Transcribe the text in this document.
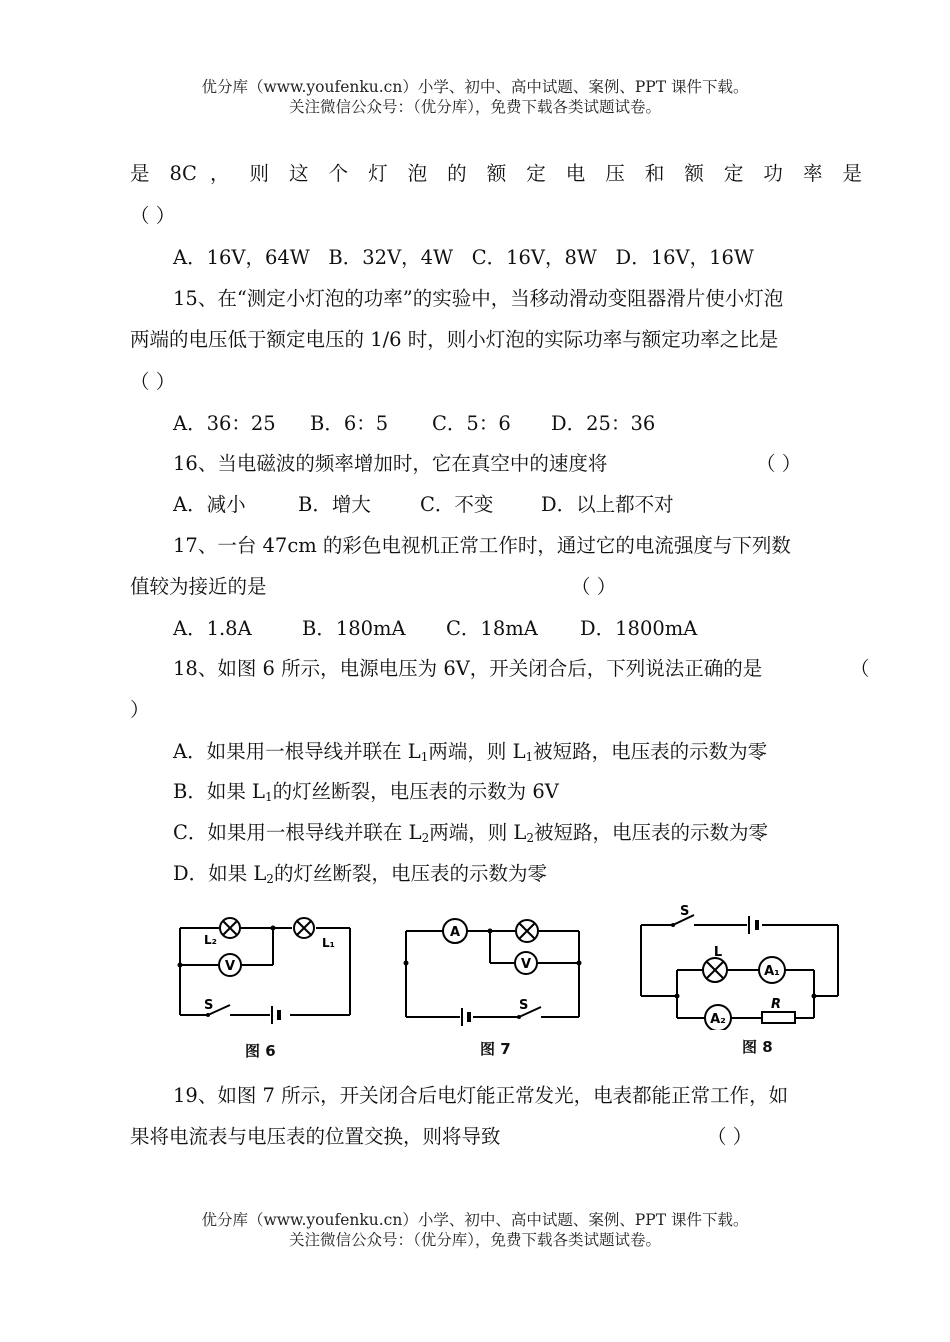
优分库（www.youfenku.cn）小学、初中、高中试题、案例、PPT 课件下载。
关注微信公众号：（优分库），免费下载各类试题试卷。
是 8C ， 则 这 个 灯 泡 的 额 定 电 压 和 额 定 功 率 是
（ ）
A．16V，64W   B．32V，4W   C．16V，8W   D．16V，16W
15、在“测定小灯泡的功率”的实验中，当移动滑动变阻器滑片使小灯泡
两端的电压低于额定电压的 1/6 时，则小灯泡的实际功率与额定功率之比是
（ ）
A．36：25 B．6：5 C．5：6 D．25：36
16、当电磁波的频率增加时，它在真空中的速度将	（ ）
A．减小	B．增大	C．不变 D．以上都不对
17、一台 47cm 的彩色电视机正常工作时，通过它的电流强度与下列数
值较为接近的是	（ ）
A．1.8A	B．180mA C．18mA D．1800mA
18、如图 6 所示，电源电压为 6V，开关闭合后，下列说法正确的是	（
）
A．如果用一根导线并联在 $L_1$两端，则 $L_1$被短路，电压表的示数为零
B．如果 $L_1$的灯丝断裂，电压表的示数为 6V
C．如果用一根导线并联在 $L_2$两端，则 $L_2$被短路，电压表的示数为零
D．如果 $L_2$的灯丝断裂，电压表的示数为零
V
L₂	L₁
S
图 6
A
V
S
图 7
A₁
A₂
R
L
S
图 8
19、如图 7 所示，开关闭合后电灯能正常发光，电表都能正常工作，如
果将电流表与电压表的位置交换，则将导致	（ ）
优分库（www.youfenku.cn）小学、初中、高中试题、案例、PPT 课件下载。
关注微信公众号：（优分库），免费下载各类试题试卷。
